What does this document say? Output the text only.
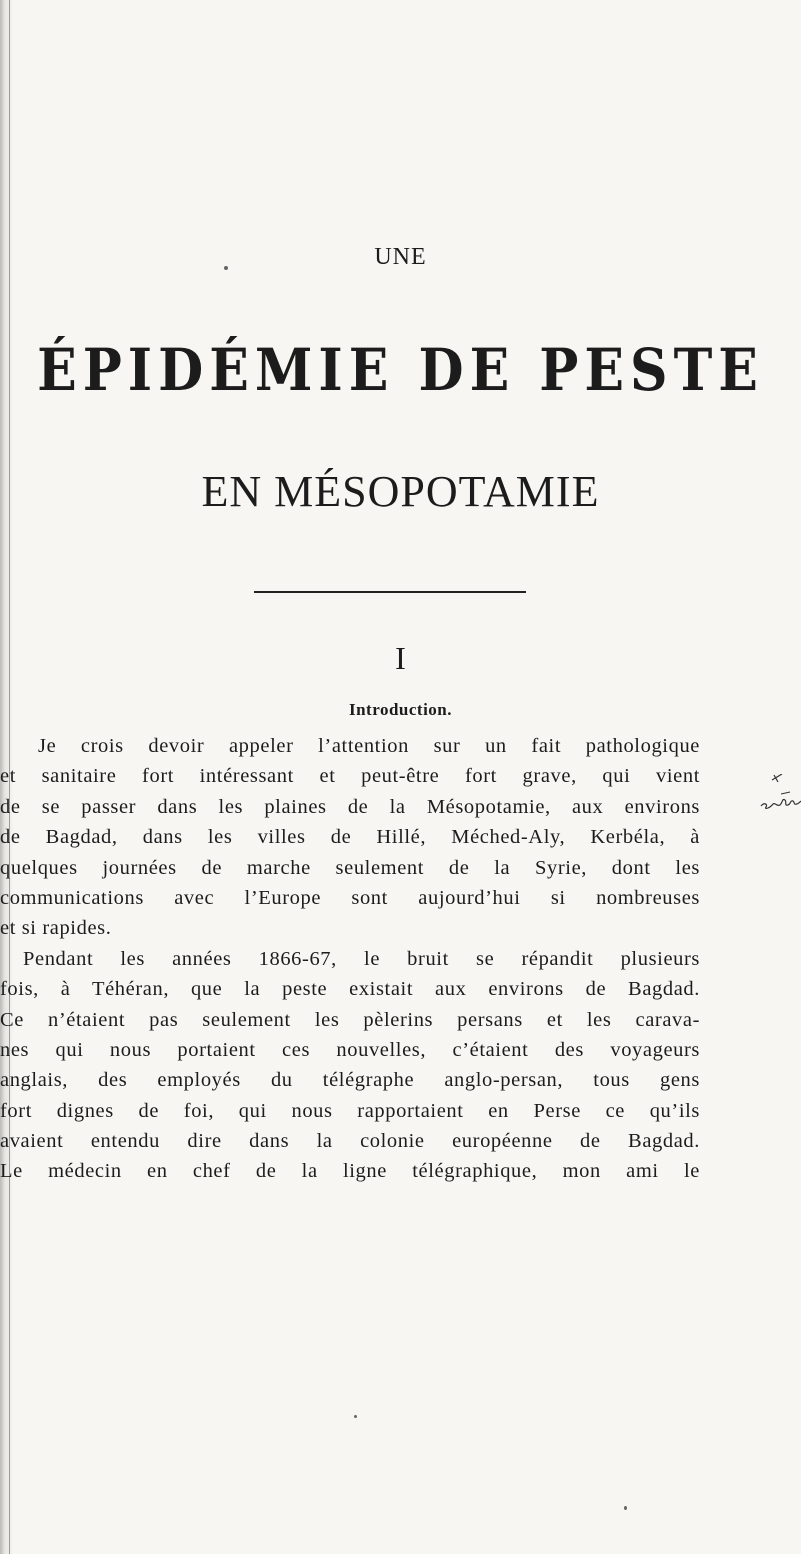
UNE
ÉPIDÉMIE DE PESTE
EN MÉSOPOTAMIE
I
Introduction.
Je crois devoir appeler l’attention sur un fait pathologique
et sanitaire fort intéressant et peut-être fort grave, qui vient
de se passer dans les plaines de la Mésopotamie, aux environs
de Bagdad, dans les villes de Hillé, Méched-Aly, Kerbéla, à
quelques journées de marche seulement de la Syrie, dont les
communications avec l’Europe sont aujourd’hui si nombreuses
et si rapides.
Pendant les années 1866-67, le bruit se répandit plusieurs
fois, à Téhéran, que la peste existait aux environs de Bagdad.
Ce n’étaient pas seulement les pèlerins persans et les carava-
nes qui nous portaient ces nouvelles, c’étaient des voyageurs
anglais, des employés du télégraphe anglo-persan, tous gens
fort dignes de foi, qui nous rapportaient en Perse ce qu’ils
avaient entendu dire dans la colonie européenne de Bagdad.
Le médecin en chef de la ligne télégraphique, mon ami le
